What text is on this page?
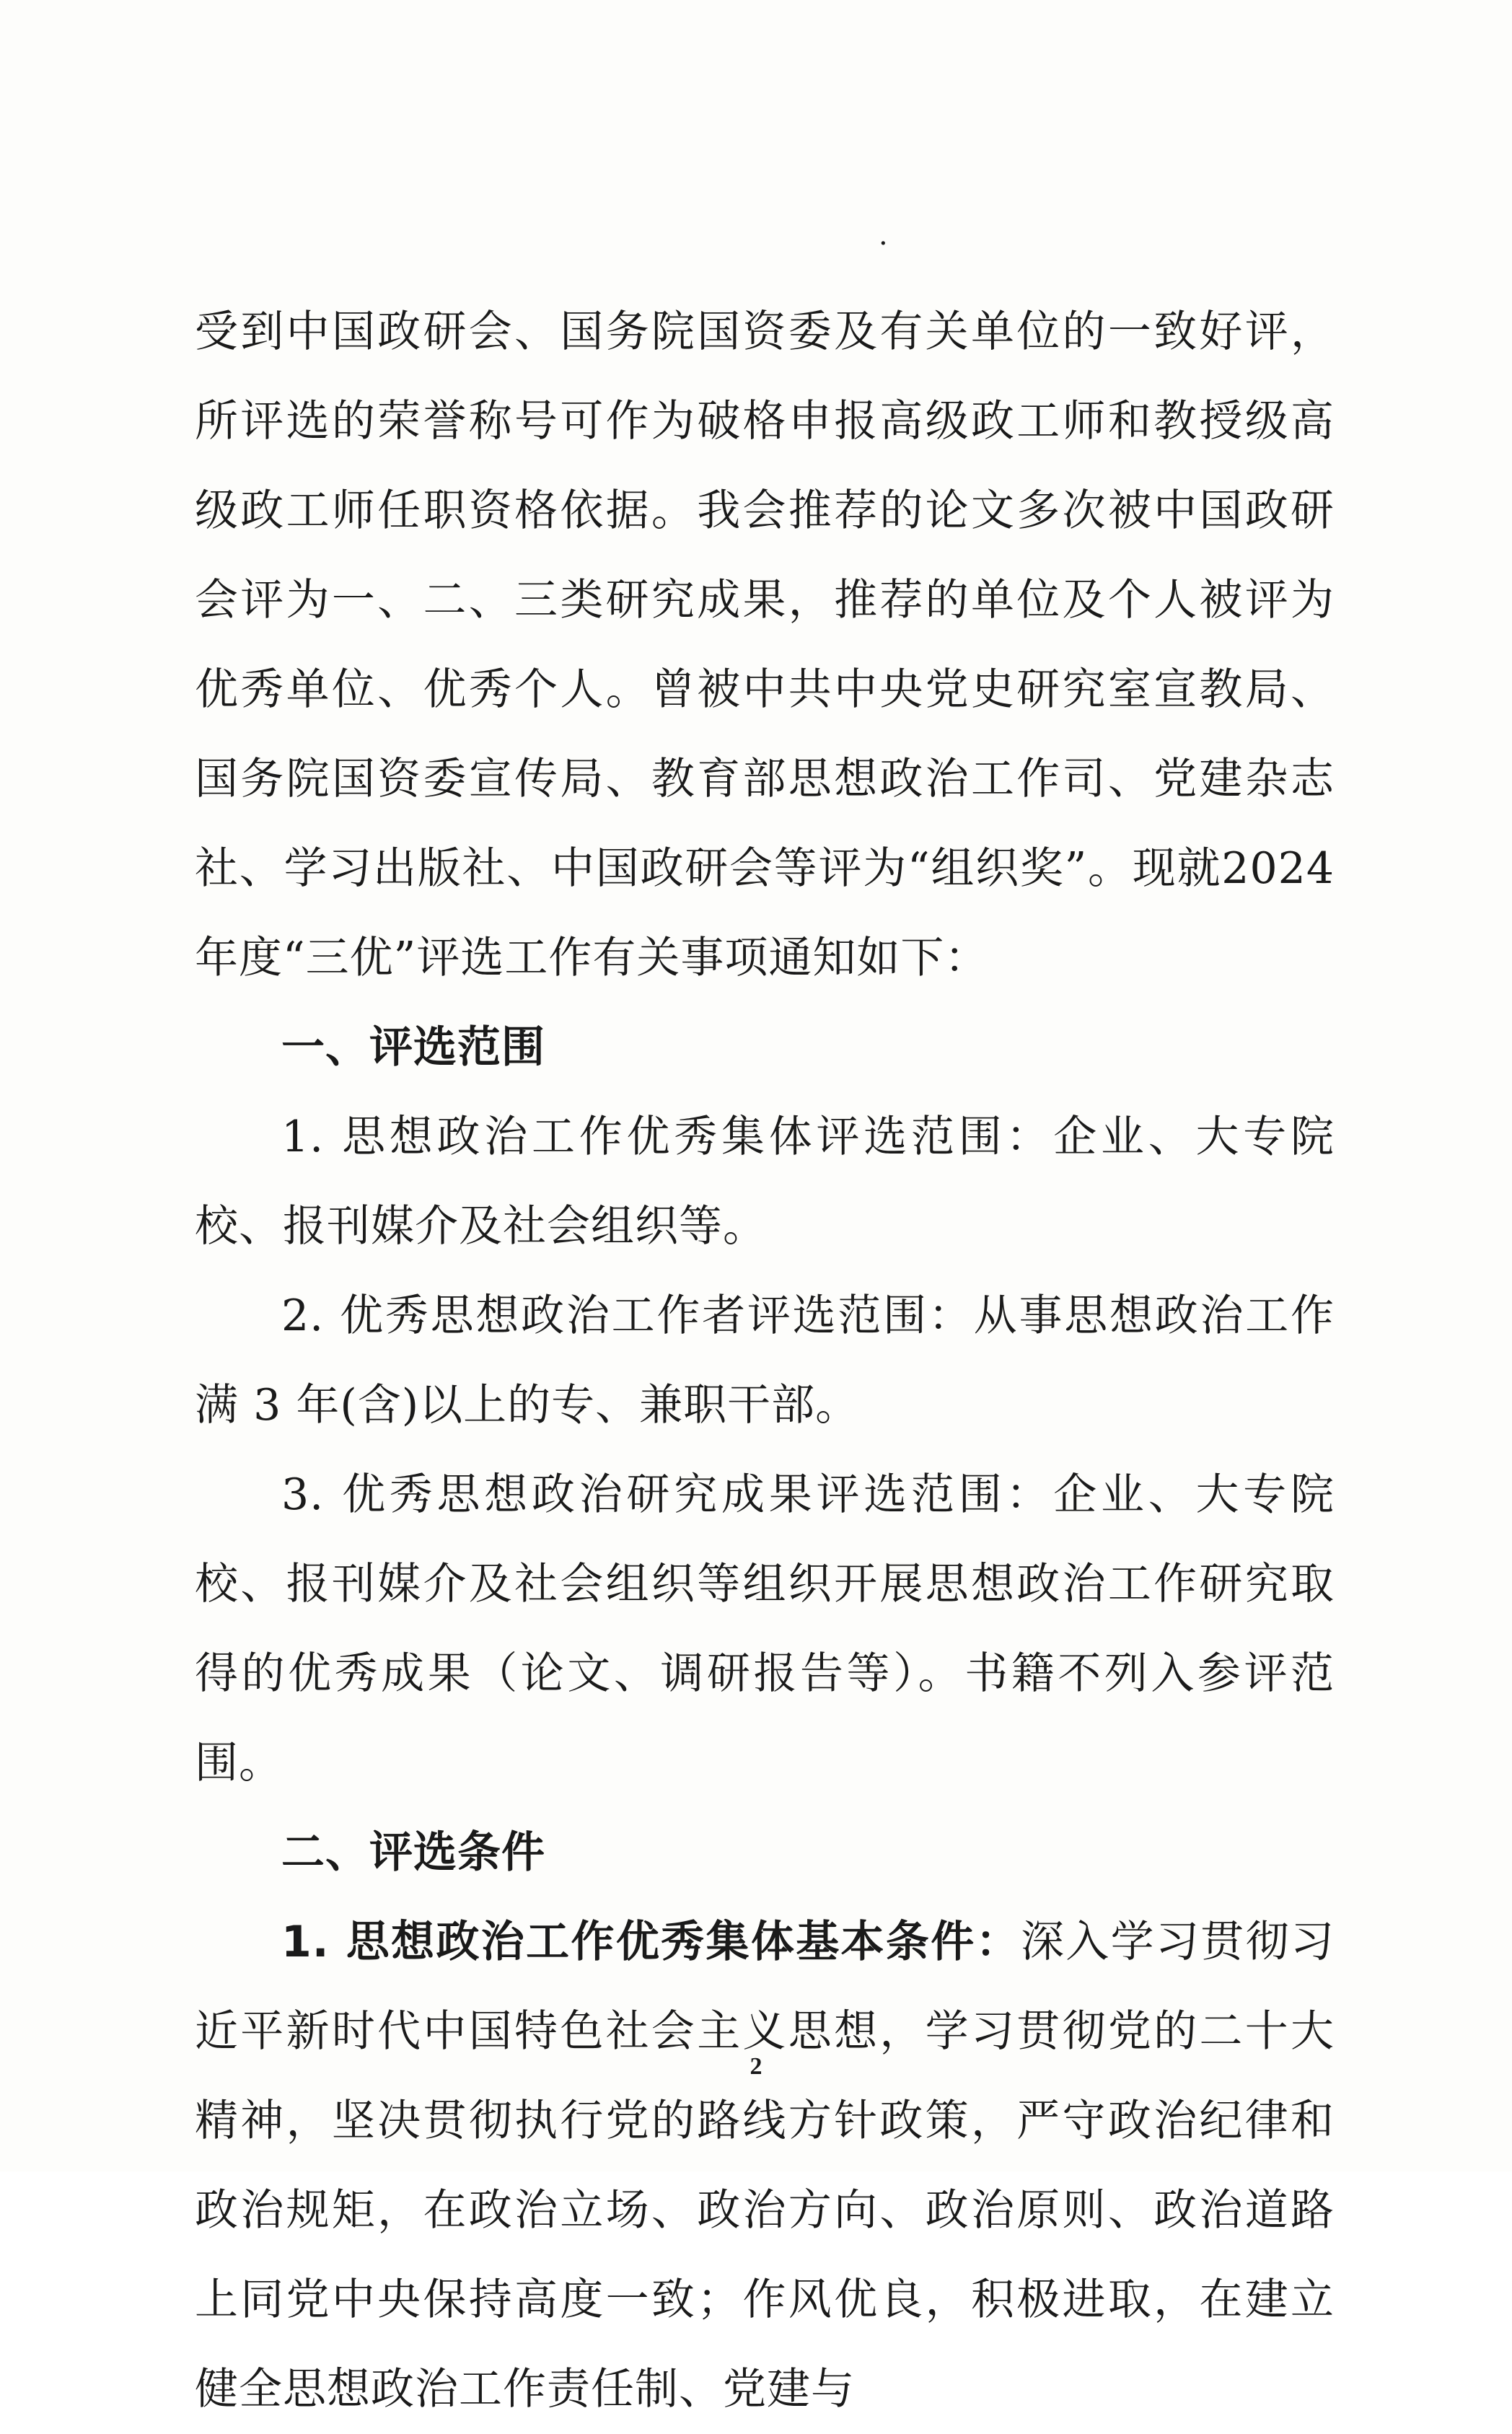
·

受到中国政研会、国务院国资委及有关单位的一致好评，所评选的荣誉称号可作为破格申报高级政工师和教授级高级政工师任职资格依据。我会推荐的论文多次被中国政研会评为一、二、三类研究成果，推荐的单位及个人被评为优秀单位、优秀个人。曾被中共中央党史研究室宣教局、国务院国资委宣传局、教育部思想政治工作司、党建杂志社、学习出版社、中国政研会等评为“组织奖”。现就2024年度“三优”评选工作有关事项通知如下：

一、评选范围

1. 思想政治工作优秀集体评选范围：企业、大专院校、报刊媒介及社会组织等。

2. 优秀思想政治工作者评选范围：从事思想政治工作满 3 年(含)以上的专、兼职干部。

3. 优秀思想政治研究成果评选范围：企业、大专院校、报刊媒介及社会组织等组织开展思想政治工作研究取得的优秀成果（论文、调研报告等）。书籍不列入参评范围。

二、评选条件

1. 思想政治工作优秀集体基本条件：深入学习贯彻习近平新时代中国特色社会主义思想，学习贯彻党的二十大精神，坚决贯彻执行党的路线方针政策，严守政治纪律和政治规矩，在政治立场、政治方向、政治原则、政治道路上同党中央保持高度一致；作风优良，积极进取，在建立健全思想政治工作责任制、党建与

2
